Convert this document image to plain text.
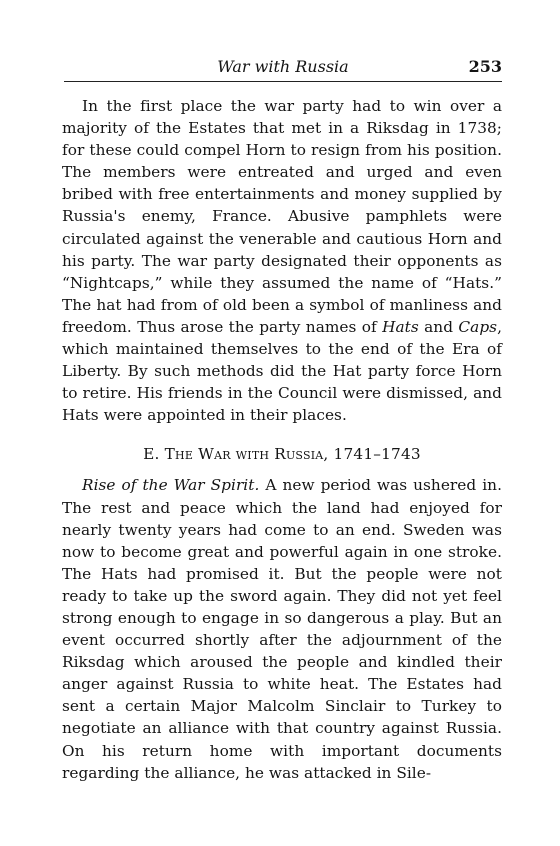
War with Russia	253

In the first place the war party had to win over a majority of the Estates that met in a Riksdag in 1738; for these could compel Horn to resign from his position. The members were entreated and urged and even bribed with free entertainments and money supplied by Russia's enemy, France. Abusive pamphlets were circulated against the venerable and cautious Horn and his party. The war party designated their opponents as “Nightcaps,” while they assumed the name of “Hats.” The hat had from of old been a symbol of manliness and freedom. Thus arose the party names of Hats and Caps, which maintained themselves to the end of the Era of Liberty. By such methods did the Hat party force Horn to retire. His friends in the Council were dismissed, and Hats were appointed in their places.

E. The War with Russia, 1741–1743

Rise of the War Spirit. A new period was ushered in. The rest and peace which the land had enjoyed for nearly twenty years had come to an end. Sweden was now to become great and powerful again in one stroke. The Hats had promised it. But the people were not ready to take up the sword again. They did not yet feel strong enough to engage in so dangerous a play. But an event occurred shortly after the adjournment of the Riksdag which aroused the people and kindled their anger against Russia to white heat. The Estates had sent a certain Major Malcolm Sinclair to Turkey to negotiate an alliance with that country against Russia. On his return home with important documents regarding the alliance, he was attacked in Sile-
